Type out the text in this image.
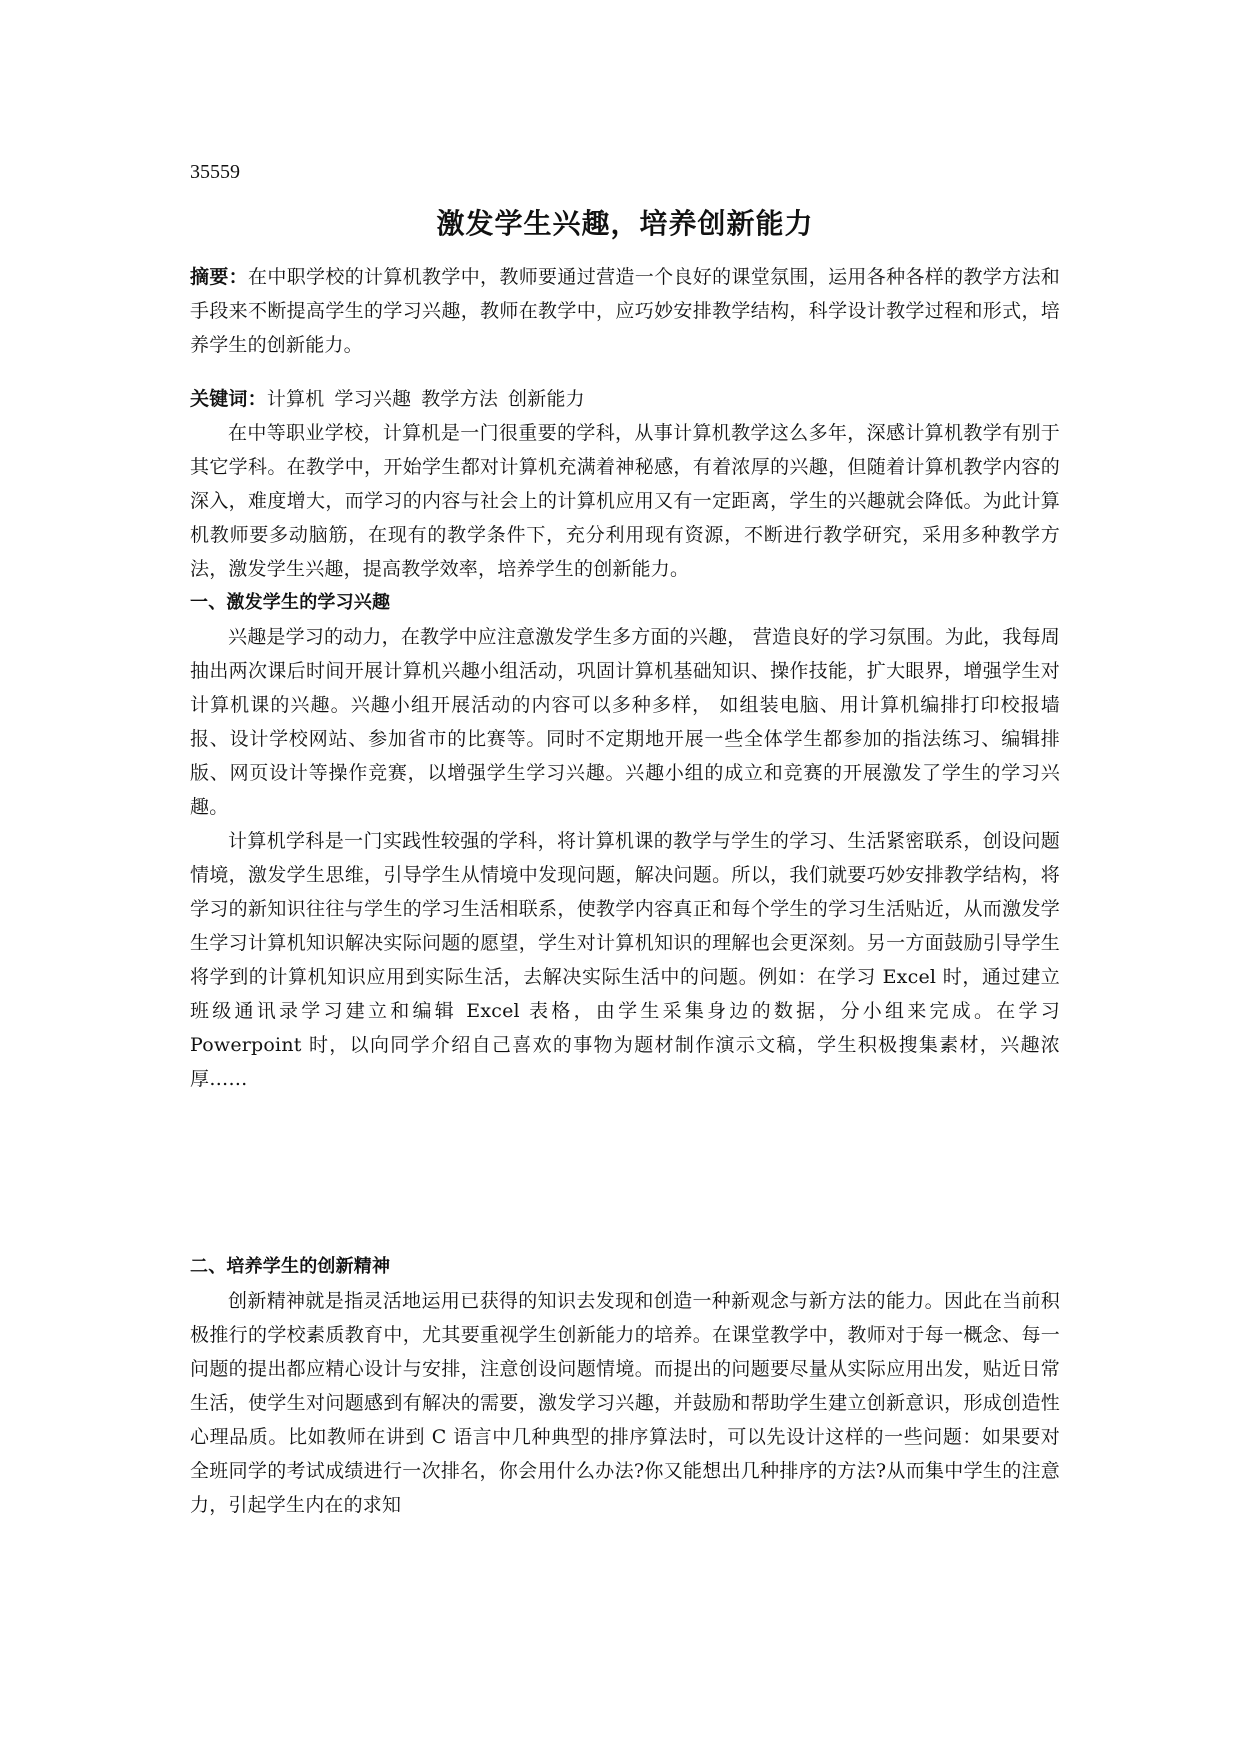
35559
激发学生兴趣，培养创新能力
摘要：在中职学校的计算机教学中，教师要通过营造一个良好的课堂氛围，运用各种各样的教学方法和手段来不断提高学生的学习兴趣，教师在教学中，应巧妙安排教学结构，科学设计教学过程和形式，培养学生的创新能力。
关键词：计算机 学习兴趣 教学方法 创新能力

在中等职业学校，计算机是一门很重要的学科，从事计算机教学这么多年，深感计算机教学有别于其它学科。在教学中，开始学生都对计算机充满着神秘感，有着浓厚的兴趣，但随着计算机教学内容的深入，难度增大，而学习的内容与社会上的计算机应用又有一定距离，学生的兴趣就会降低。为此计算机教师要多动脑筋，在现有的教学条件下，充分利用现有资源，不断进行教学研究，采用多种教学方法，激发学生兴趣，提高教学效率，培养学生的创新能力。

一、激发学生的学习兴趣

兴趣是学习的动力，在教学中应注意激发学生多方面的兴趣， 营造良好的学习氛围。为此，我每周抽出两次课后时间开展计算机兴趣小组活动，巩固计算机基础知识、操作技能，扩大眼界，增强学生对计算机课的兴趣。兴趣小组开展活动的内容可以多种多样， 如组装电脑、用计算机编排打印校报墙报、设计学校网站、参加省市的比赛等。同时不定期地开展一些全体学生都参加的指法练习、编辑排版、网页设计等操作竞赛，以增强学生学习兴趣。兴趣小组的成立和竞赛的开展激发了学生的学习兴趣。

计算机学科是一门实践性较强的学科，将计算机课的教学与学生的学习、生活紧密联系，创设问题情境，激发学生思维，引导学生从情境中发现问题，解决问题。所以，我们就要巧妙安排教学结构，将学习的新知识往往与学生的学习生活相联系，使教学内容真正和每个学生的学习生活贴近，从而激发学生学习计算机知识解决实际问题的愿望，学生对计算机知识的理解也会更深刻。另一方面鼓励引导学生将学到的计算机知识应用到实际生活，去解决实际生活中的问题。例如：在学习 Excel 时，通过建立班级通讯录学习建立和编辑 Excel 表格，由学生采集身边的数据，分小组来完成。在学习 Powerpoint 时，以向同学介绍自己喜欢的事物为题材制作演示文稿，学生积极搜集素材，兴趣浓厚……

二、培养学生的创新精神

创新精神就是指灵活地运用已获得的知识去发现和创造一种新观念与新方法的能力。因此在当前积极推行的学校素质教育中，尤其要重视学生创新能力的培养。在课堂教学中，教师对于每一概念、每一问题的提出都应精心设计与安排，注意创设问题情境。而提出的问题要尽量从实际应用出发，贴近日常生活，使学生对问题感到有解决的需要，激发学习兴趣，并鼓励和帮助学生建立创新意识，形成创造性心理品质。比如教师在讲到 C 语言中几种典型的排序算法时，可以先设计这样的一些问题：如果要对全班同学的考试成绩进行一次排名，你会用什么办法?你又能想出几种排序的方法?从而集中学生的注意力，引起学生内在的求知
